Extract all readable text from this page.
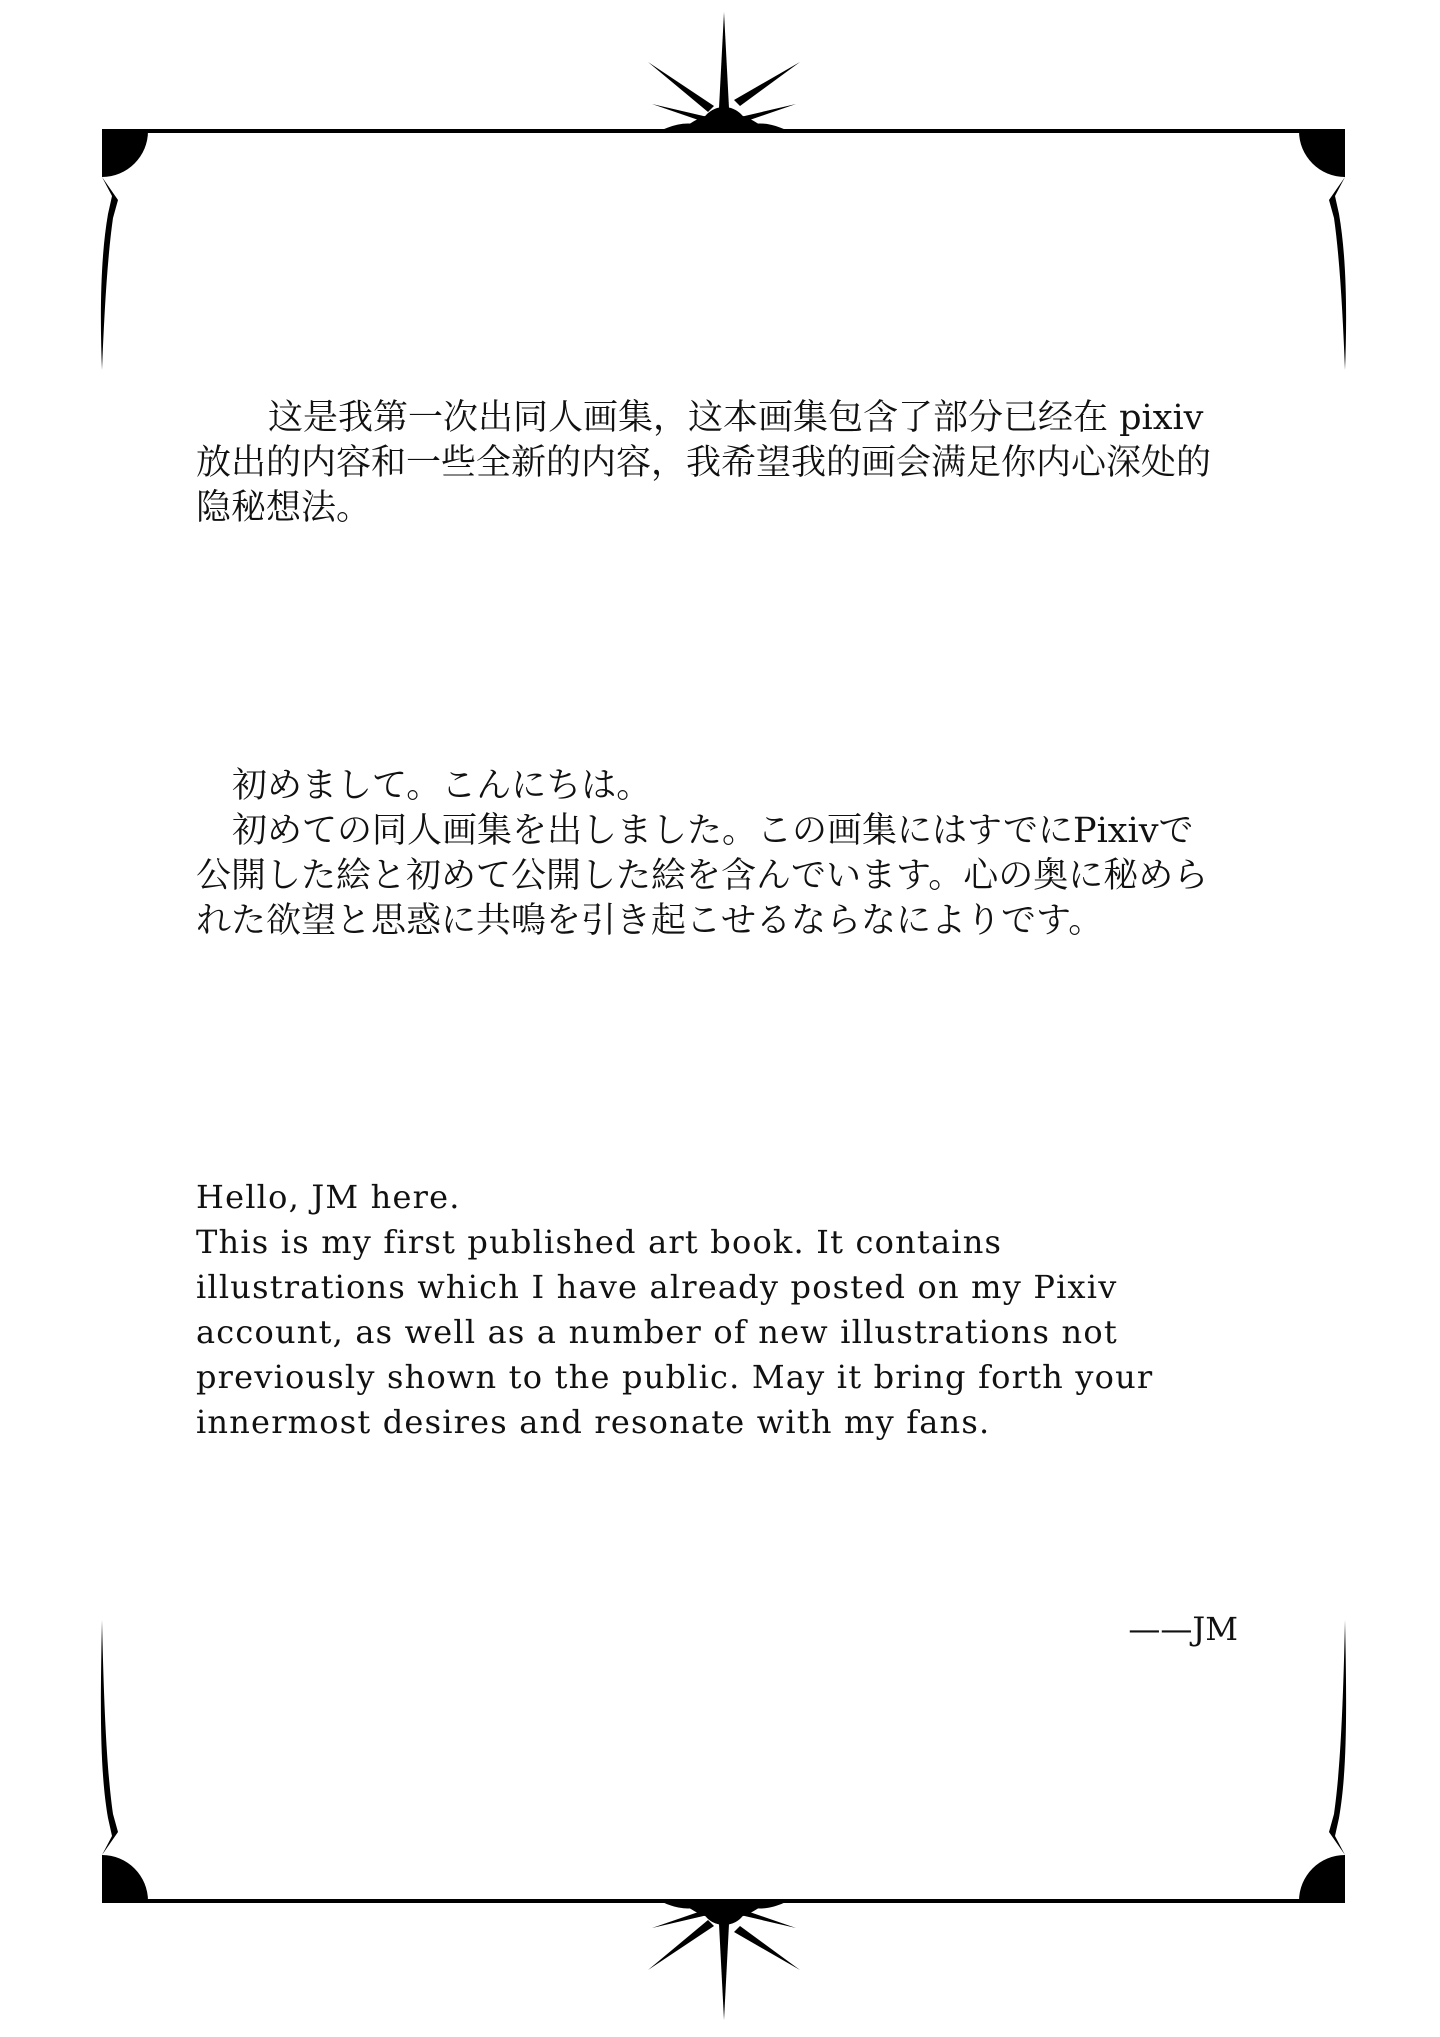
这是我第一次出同人画集，这本画集包含了部分已经在 pixiv
放出的内容和一些全新的内容，我希望我的画会满足你内心深处的
隐秘想法。
初めまして。こんにちは。
初めての同人画集を出しました。この画集にはすでにPixivで
公開した絵と初めて公開した絵を含んでいます。心の奥に秘めら
れた欲望と思惑に共鳴を引き起こせるならなによりです。
Hello, JM here.
This is my first published art book. It contains
illustrations which I have already posted on my Pixiv
account, as well as a number of new illustrations not
previously shown to the public. May it bring forth your
innermost desires and resonate with my fans.
——JM
